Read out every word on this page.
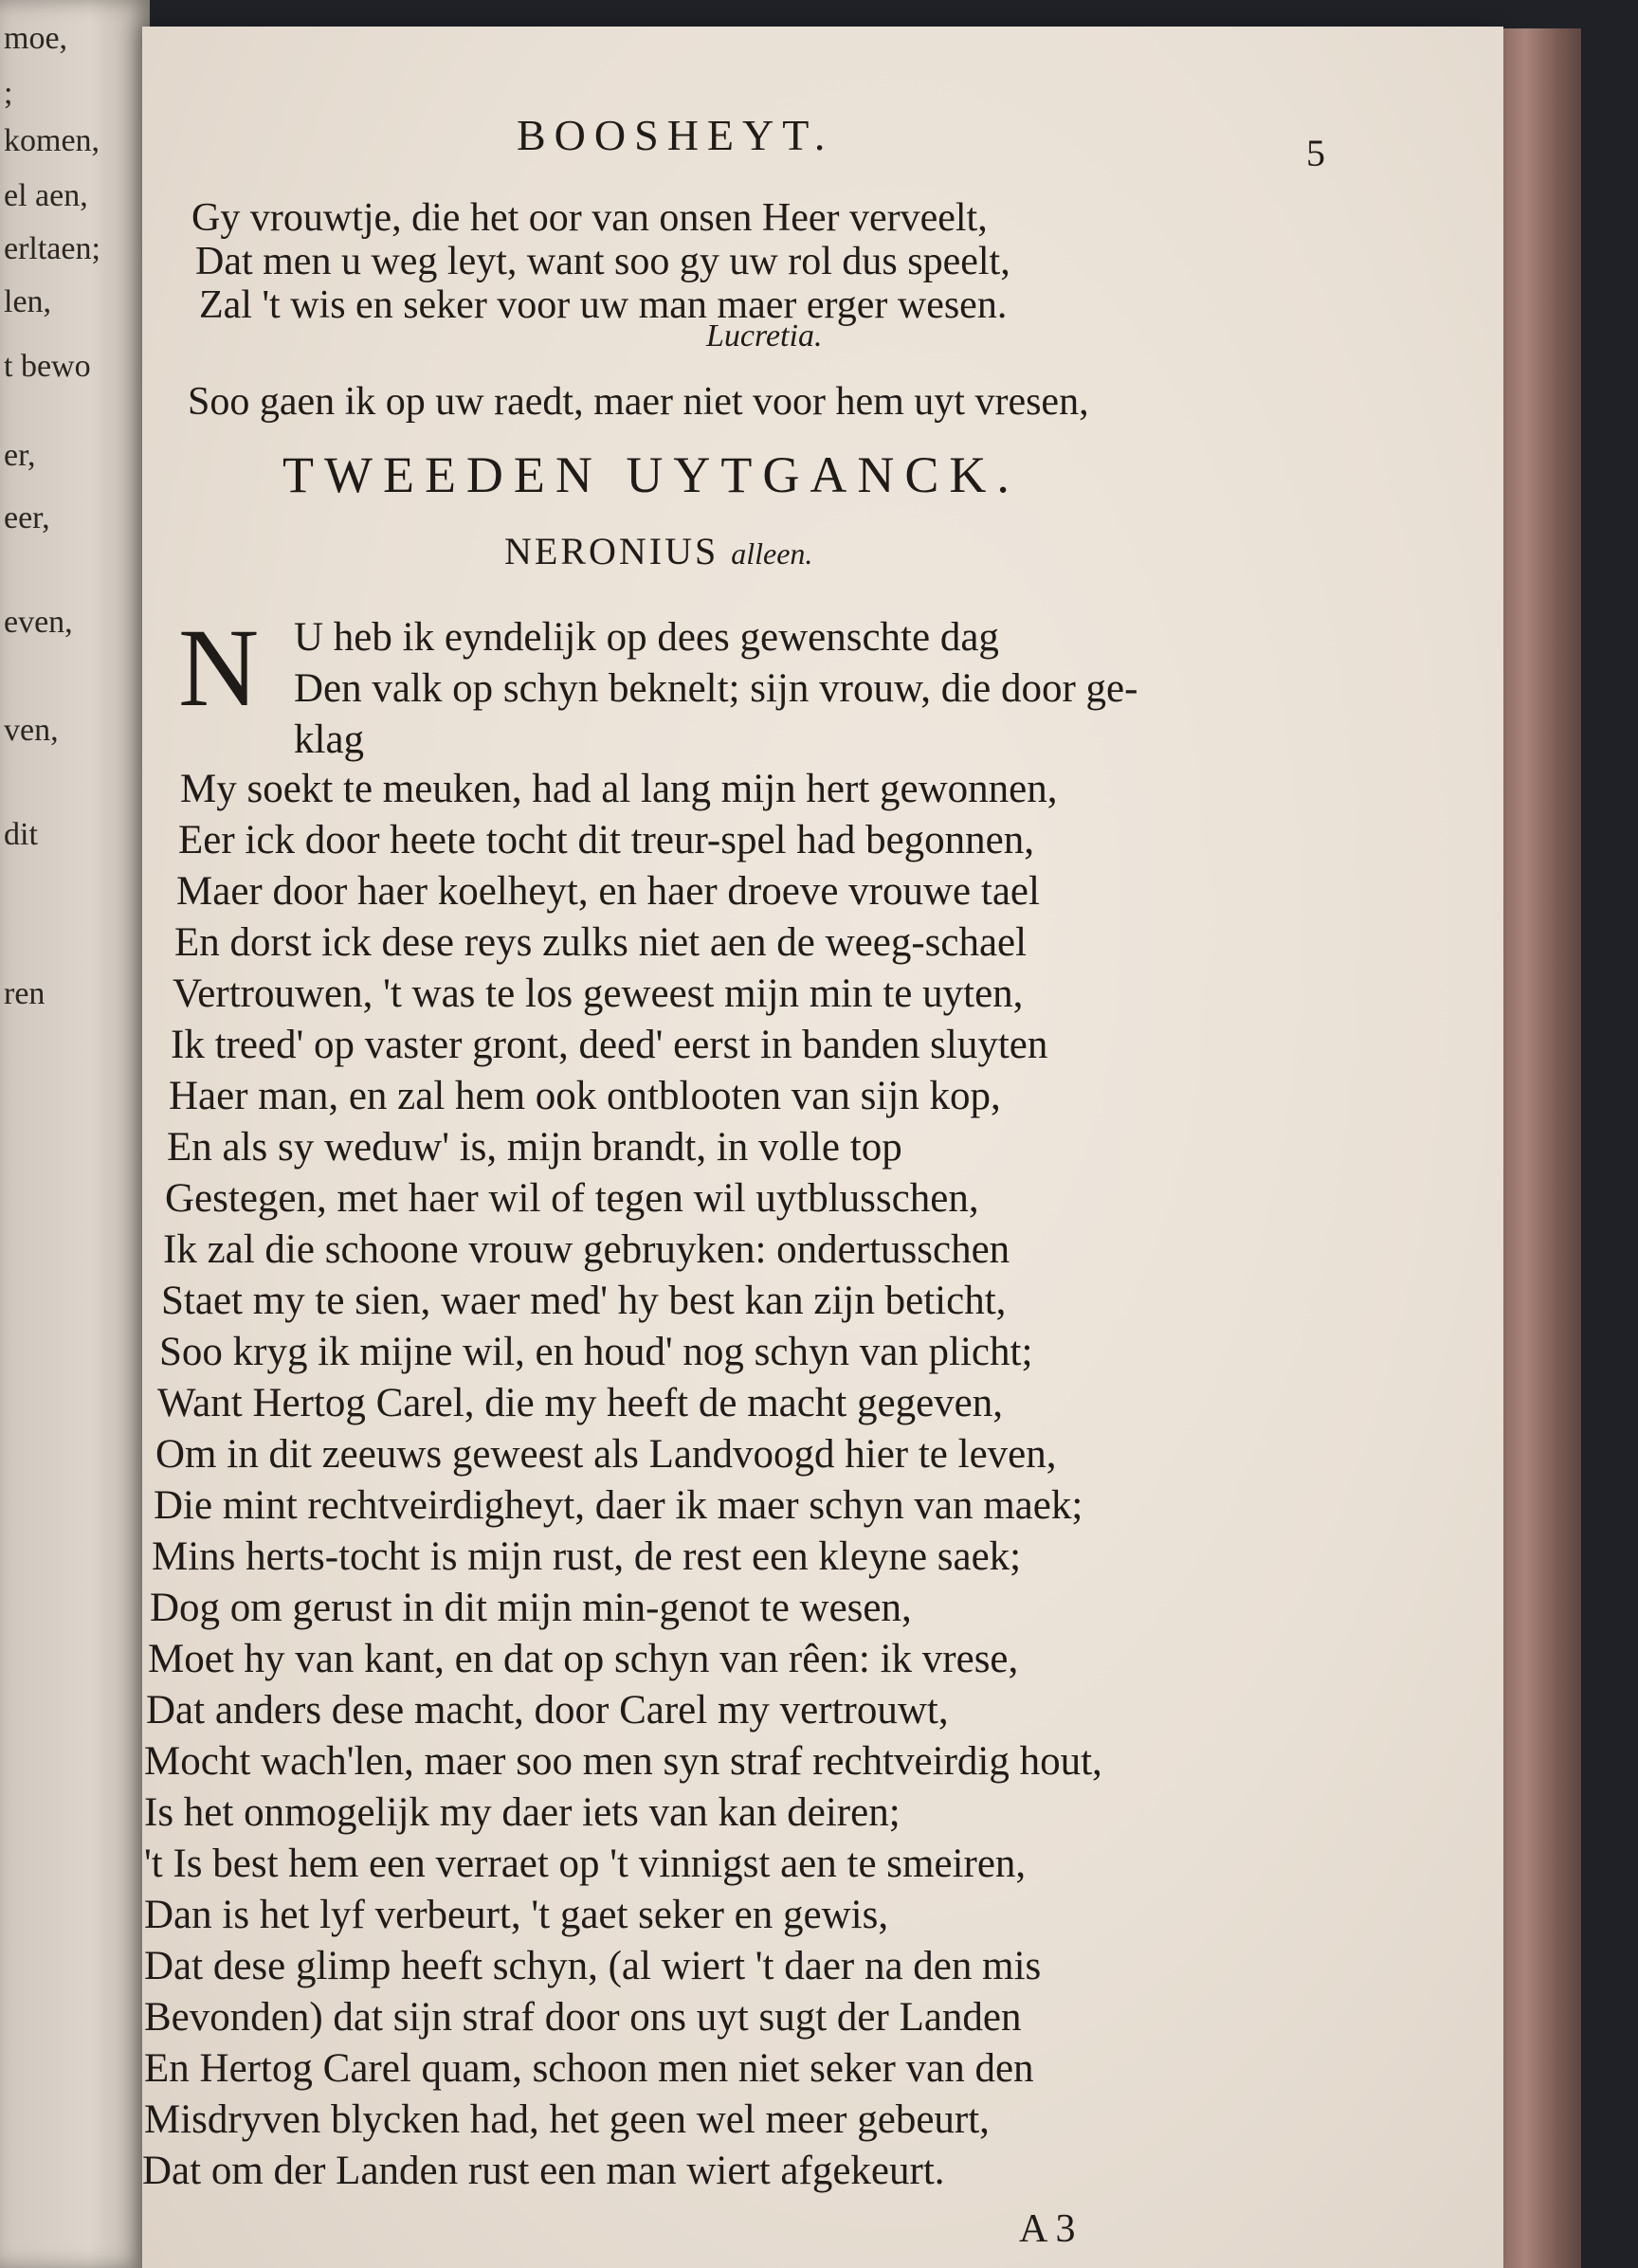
moe,
;
komen,
el aen,
erltaen;
len,
t bewo
er,
eer,
even,
ven,
dit
ren
BOOSHEYT.	5
Gy vrouwtje, die het oor van onsen Heer verveelt,
Dat men u weg leyt, want soo gy uw rol dus speelt,
Zal 't wis en seker voor uw man maer erger wesen.
Lucretia.
Soo gaen ik op uw raedt, maer niet voor hem uyt vresen,
TWEEDEN UYTGANCK.
NERONIUS alleen.
N U heb ik eyndelijk op dees gewenschte dag
Den valk op schyn beknelt; sijn vrouw, die door ge-
klag
My soekt te meuken, had al lang mijn hert gewonnen,
Eer ick door heete tocht dit treur-spel had begonnen,
Maer door haer koelheyt, en haer droeve vrouwe tael
En dorst ick dese reys zulks niet aen de weeg-schael
Vertrouwen, 't was te los geweest mijn min te uyten,
Ik treed' op vaster gront, deed' eerst in banden sluyten
Haer man, en zal hem ook ontblooten van sijn kop,
En als sy weduw' is, mijn brandt, in volle top
Gestegen, met haer wil of tegen wil uytblusschen,
Ik zal die schoone vrouw gebruyken: ondertusschen
Staet my te sien, waer med' hy best kan zijn beticht,
Soo kryg ik mijne wil, en houd' nog schyn van plicht;
Want Hertog Carel, die my heeft de macht gegeven,
Om in dit zeeuws geweest als Landvoogd hier te leven,
Die mint rechtveirdigheyt, daer ik maer schyn van maek;
Mins herts-tocht is mijn rust, de rest een kleyne saek;
Dog om gerust in dit mijn min-genot te wesen,
Moet hy van kant, en dat op schyn van rêen: ik vrese,
Dat anders dese macht, door Carel my vertrouwt,
Mocht wach'len, maer soo men syn straf rechtveirdig hout,
Is het onmogelijk my daer iets van kan deiren;
't Is best hem een verraet op 't vinnigst aen te smeiren,
Dan is het lyf verbeurt, 't gaet seker en gewis,
Dat dese glimp heeft schyn, (al wiert 't daer na den mis
Bevonden) dat sijn straf door ons uyt sugt der Landen
En Hertog Carel quam, schoon men niet seker van den
Misdryven blycken had, het geen wel meer gebeurt,
Dat om der Landen rust een man wiert afgekeurt.
A 3
